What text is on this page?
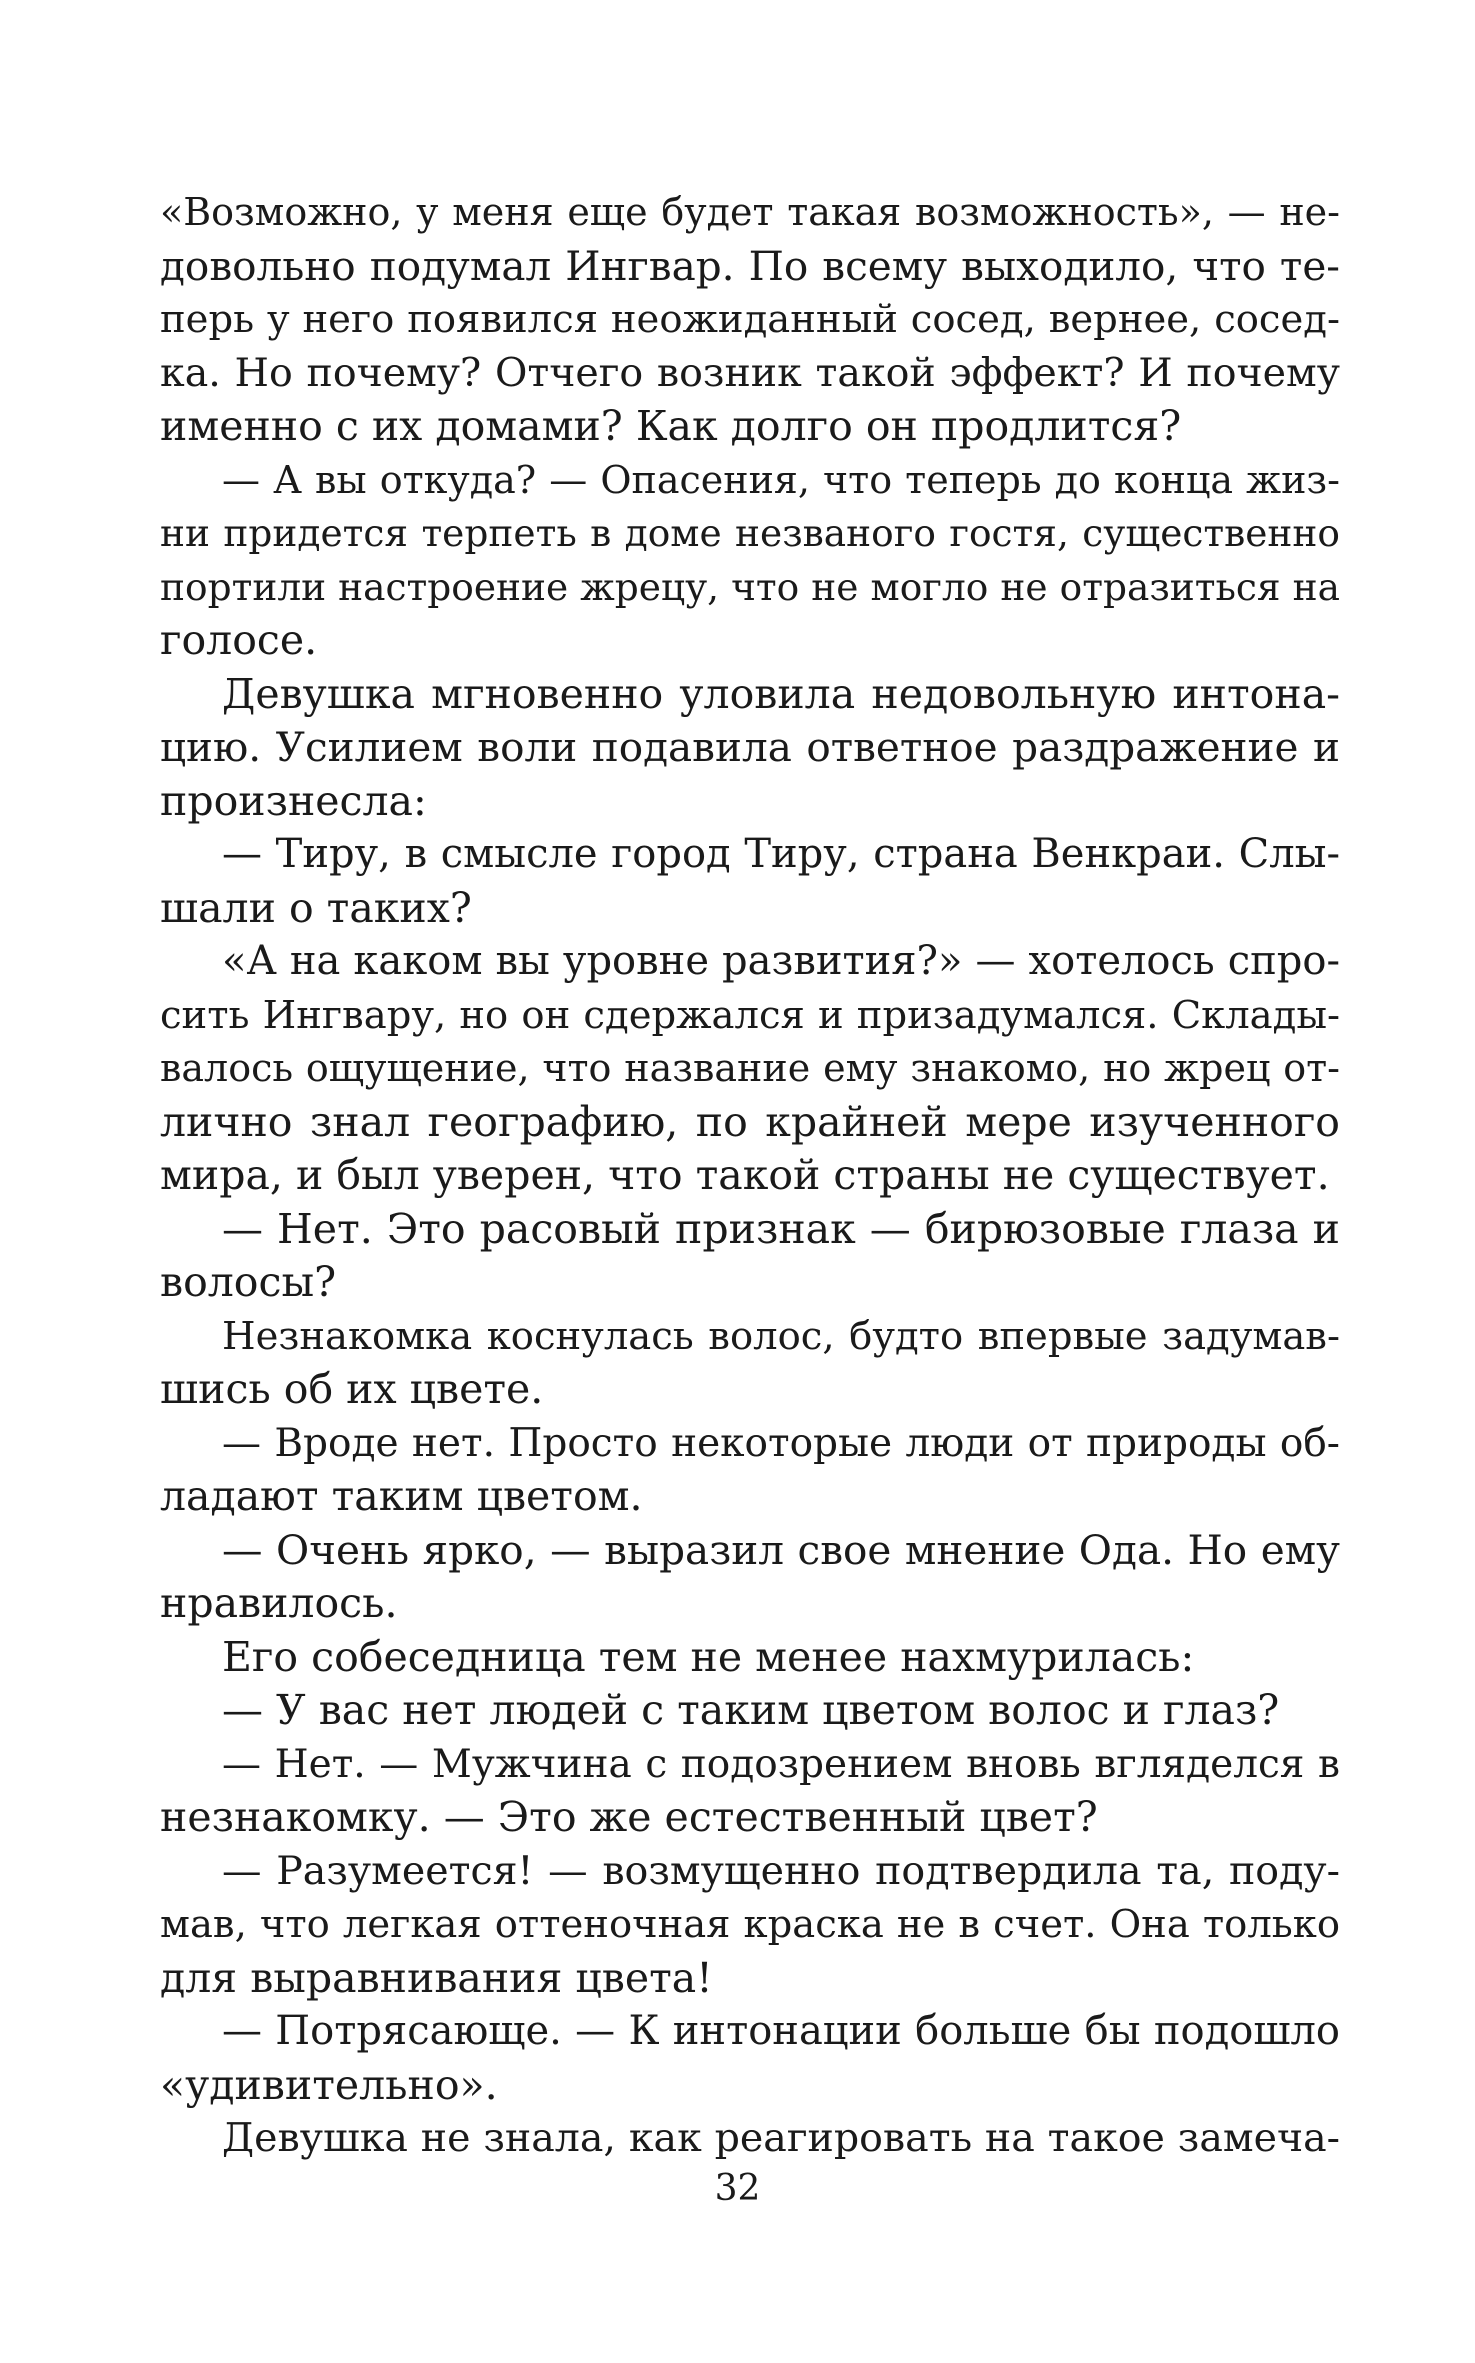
«Возможно, у меня еще будет такая возможность», — не-
довольно подумал Ингвар. По всему выходило, что те-
перь у него появился неожиданный сосед, вернее, сосед-
ка. Но почему? Отчего возник такой эффект? И почему
именно с их домами? Как долго он продлится?
— А вы откуда? — Опасения, что теперь до конца жиз-
ни придется терпеть в доме незваного гостя, существенно
портили настроение жрецу, что не могло не отразиться на
голосе.
Девушка мгновенно уловила недовольную интона-
цию. Усилием воли подавила ответное раздражение и
произнесла:
— Тиру, в смысле город Тиру, страна Венкраи. Слы-
шали о таких?
«А на каком вы уровне развития?» — хотелось спро-
сить Ингвару, но он сдержался и призадумался. Склады-
валось ощущение, что название ему знакомо, но жрец от-
лично знал географию, по крайней мере изученного
мира, и был уверен, что такой страны не существует.
— Нет. Это расовый признак — бирюзовые глаза и
волосы?
Незнакомка коснулась волос, будто впервые задумав-
шись об их цвете.
— Вроде нет. Просто некоторые люди от природы об-
ладают таким цветом.
— Очень ярко, — выразил свое мнение Ода. Но ему
нравилось.
Его собеседница тем не менее нахмурилась:
— У вас нет людей с таким цветом волос и глаз?
— Нет. — Мужчина с подозрением вновь вгляделся в
незнакомку. — Это же естественный цвет?
— Разумеется! — возмущенно подтвердила та, поду-
мав, что легкая оттеночная краска не в счет. Она только
для выравнивания цвета!
— Потрясающе. — К интонации больше бы подошло
«удивительно».
Девушка не знала, как реагировать на такое замеча-
32
